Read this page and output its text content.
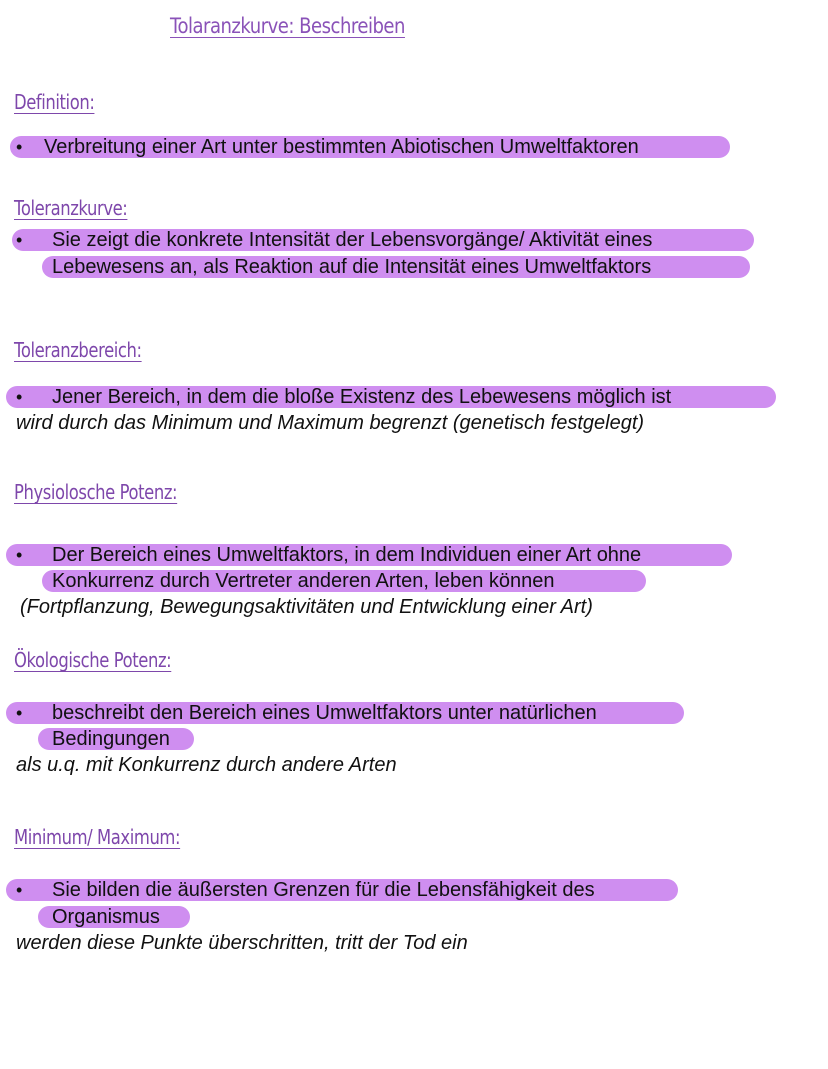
Tolaranzkurve: Beschreiben
Definition:
• Verbreitung einer Art unter bestimmten Abiotischen Umweltfaktoren
Toleranzkurve:
• Sie zeigt die konkrete Intensität der Lebensvorgänge/ Aktivität eines
Lebewesens an, als Reaktion auf die Intensität eines Umweltfaktors
Toleranzbereich:
• Jener Bereich, in dem die bloße Existenz des Lebewesens möglich ist
wird durch das Minimum und Maximum begrenzt (genetisch festgelegt)
Physiolosche Potenz:
• Der Bereich eines Umweltfaktors, in dem Individuen einer Art ohne
Konkurrenz durch Vertreter anderen Arten, leben können
(Fortpflanzung, Bewegungsaktivitäten und Entwicklung einer Art)
Ökologische Potenz:
• beschreibt den Bereich eines Umweltfaktors unter natürlichen
Bedingungen
als u.q. mit Konkurrenz durch andere Arten
Minimum/ Maximum:
• Sie bilden die äußersten Grenzen für die Lebensfähigkeit des
Organismus
werden diese Punkte überschritten, tritt der Tod ein
